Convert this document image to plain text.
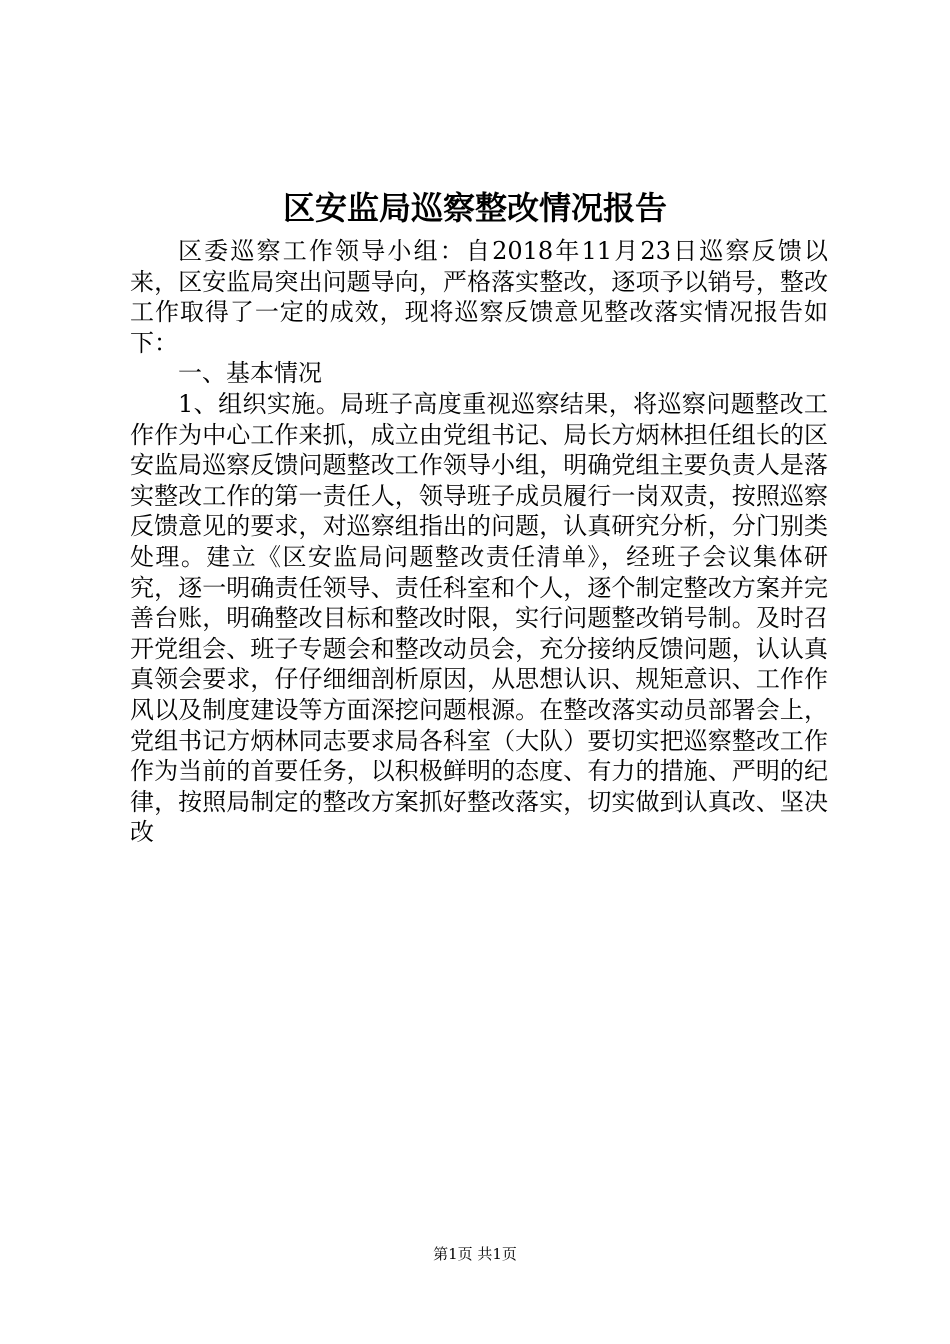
区安监局巡察整改情况报告

区委巡察工作领导小组：自2018年11月23日巡察反馈以来，区安监局突出问题导向，严格落实整改，逐项予以销号，整改工作取得了一定的成效，现将巡察反馈意见整改落实情况报告如下：

一、基本情况

1、组织实施。局班子高度重视巡察结果，将巡察问题整改工作作为中心工作来抓，成立由党组书记、局长方炳林担任组长的区安监局巡察反馈问题整改工作领导小组，明确党组主要负责人是落实整改工作的第一责任人，领导班子成员履行一岗双责，按照巡察反馈意见的要求，对巡察组指出的问题，认真研究分析，分门别类处理。建立《区安监局问题整改责任清单》，经班子会议集体研究，逐一明确责任领导、责任科室和个人，逐个制定整改方案并完善台账，明确整改目标和整改时限，实行问题整改销号制。及时召开党组会、班子专题会和整改动员会，充分接纳反馈问题，认认真真领会要求，仔仔细细剖析原因，从思想认识、规矩意识、工作作风以及制度建设等方面深挖问题根源。在整改落实动员部署会上，党组书记方炳林同志要求局各科室（大队）要切实把巡察整改工作作为当前的首要任务，以积极鲜明的态度、有力的措施、严明的纪律，按照局制定的整改方案抓好整改落实，切实做到认真改、坚决改

第1页 共1页
